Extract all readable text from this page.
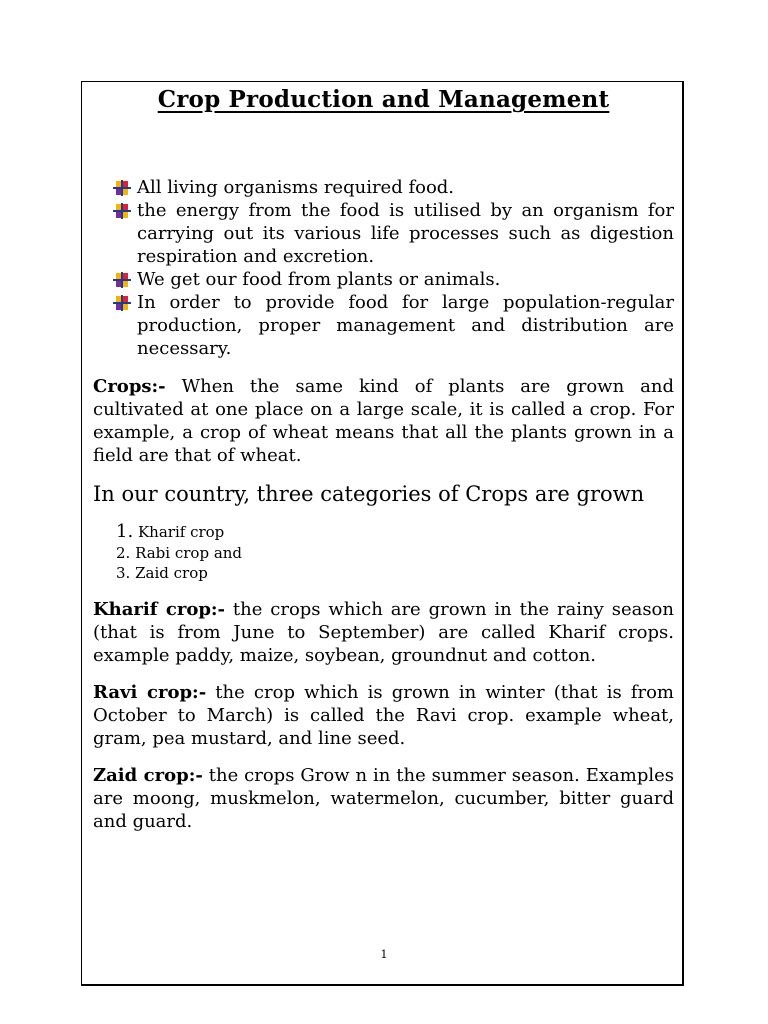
Crop Production and Management
All living organisms required food.
the energy from the food is utilised by an organism for carrying out its various life processes such as digestion respiration and excretion.
We get our food from plants or animals.
In order to provide food for large population-regular production, proper management and distribution are necessary.

Crops:- When the same kind of plants are grown and cultivated at one place on a large scale, it is called a crop. For example, a crop of wheat means that all the plants grown in a field are that of wheat.

In our country, three categories of Crops are grown
1. Kharif crop
2. Rabi crop and
3. Zaid crop

Kharif crop:- the crops which are grown in the rainy season (that is from June to September) are called Kharif crops. example paddy, maize, soybean, groundnut and cotton.

Ravi crop:- the crop which is grown in winter (that is from October to March) is called the Ravi crop. example wheat, gram, pea mustard, and line seed.

Zaid crop:- the crops Grow n in the summer season. Examples are moong, muskmelon, watermelon, cucumber, bitter guard and guard.

1
